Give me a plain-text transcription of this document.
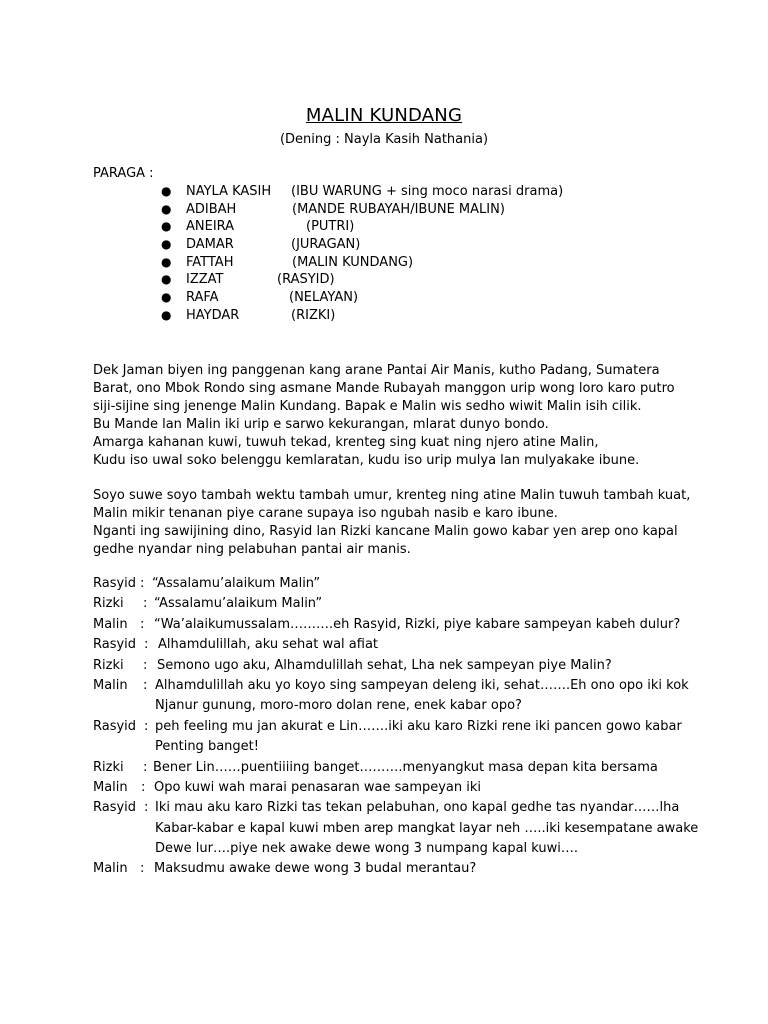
MALIN KUNDANG
(Dening : Nayla Kasih Nathania)
PARAGA :
● NAYLA KASIH (IBU WARUNG + sing moco narasi drama)
● ADIBAH	(MANDE RUBAYAH/IBUNE MALIN)
● ANEIRA	(PUTRI)
● DAMAR	(JURAGAN)
● FATTAH	(MALIN KUNDANG)
● IZZAT	(RASYID)
● RAFA	(NELAYAN)
● HAYDAR	(RIZKI)
Dek Jaman biyen ing panggenan kang arane Pantai Air Manis, kutho Padang, Sumatera
Barat, ono Mbok Rondo sing asmane Mande Rubayah manggon urip wong loro karo putro
siji-sijine sing jenenge Malin Kundang. Bapak e Malin wis sedho wiwit Malin isih cilik.
Bu Mande lan Malin iki urip e sarwo kekurangan, mlarat dunyo bondo.
Amarga kahanan kuwi, tuwuh tekad, krenteg sing kuat ning njero atine Malin,
Kudu iso uwal soko belenggu kemlaratan, kudu iso urip mulya lan mulyakake ibune.
Soyo suwe soyo tambah wektu tambah umur, krenteg ning atine Malin tuwuh tambah kuat,
Malin mikir tenanan piye carane supaya iso ngubah nasib e karo ibune.
Nganti ing sawijining dino, Rasyid lan Rizki kancane Malin gowo kabar yen arep ono kapal
gedhe nyandar ning pelabuhan pantai air manis.
Rasyid : “Assalamu’alaikum Malin”
Rizki : “Assalamu’alaikum Malin”
Malin : “Wa’alaikumussalam……….eh Rasyid, Rizki, piye kabare sampeyan kabeh dulur?
Rasyid : Alhamdulillah, aku sehat wal afiat
Rizki : Semono ugo aku, Alhamdulillah sehat, Lha nek sampeyan piye Malin?
Malin : Alhamdulillah aku yo koyo sing sampeyan deleng iki, sehat…….Eh ono opo iki kok
Njanur gunung, moro-moro dolan rene, enek kabar opo?
Rasyid : peh feeling mu jan akurat e Lin…….iki aku karo Rizki rene iki pancen gowo kabar
Penting banget!
Rizki : Bener Lin……puentiiiing banget……….menyangkut masa depan kita bersama
Malin : Opo kuwi wah marai penasaran wae sampeyan iki
Rasyid : Iki mau aku karo Rizki tas tekan pelabuhan, ono kapal gedhe tas nyandar……lha
Kabar-kabar e kapal kuwi mben arep mangkat layar neh …..iki kesempatane awake
Dewe lur….piye nek awake dewe wong 3 numpang kapal kuwi….
Malin : Maksudmu awake dewe wong 3 budal merantau?
